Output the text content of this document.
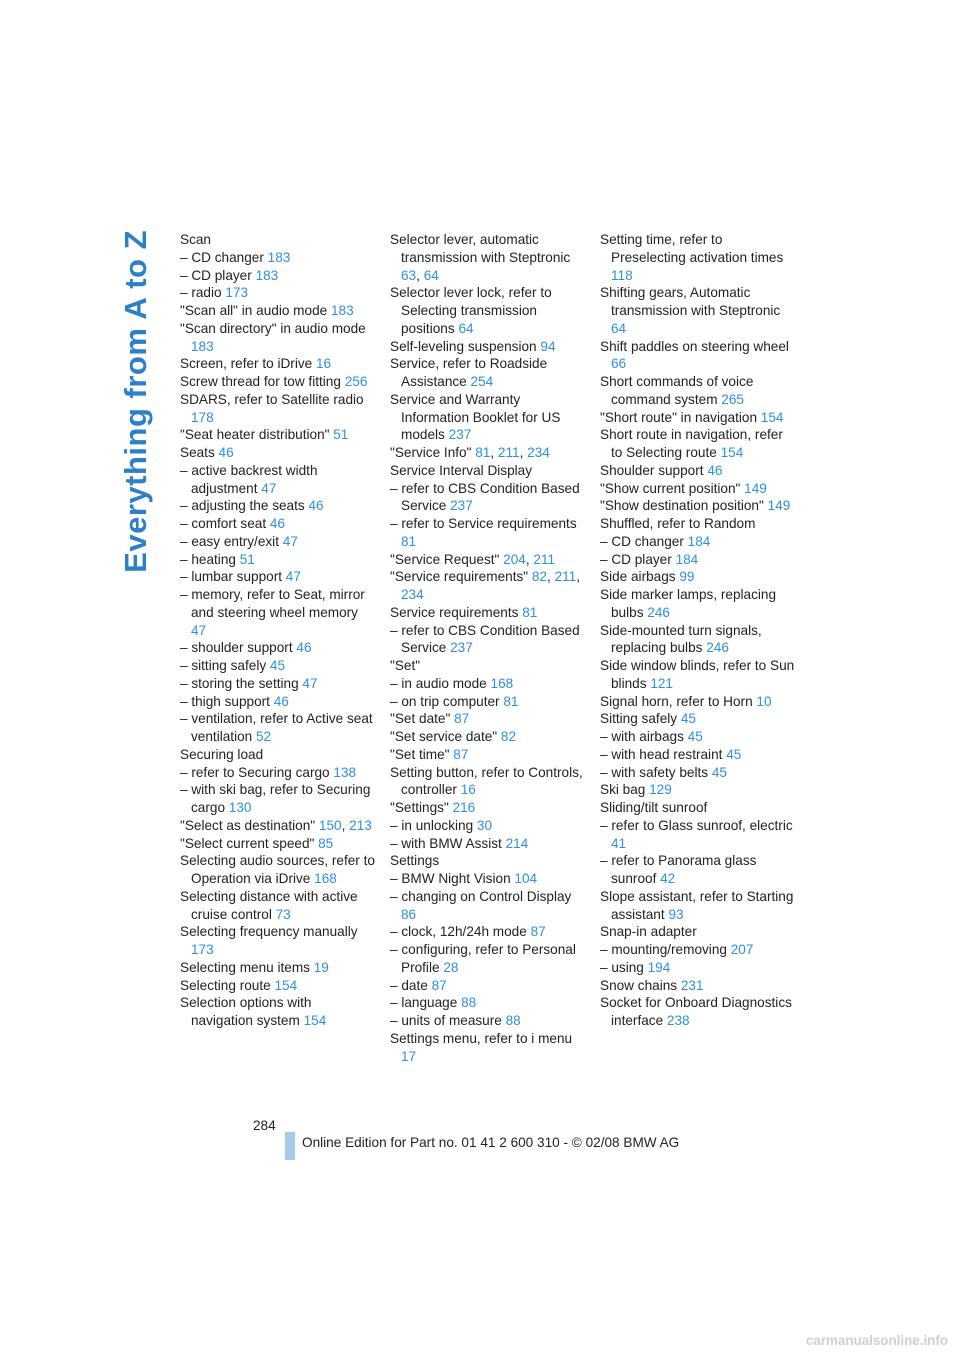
Everything from A to Z Scan

– CD changer 183

– CD player 183

– radio 173

"Scan all" in audio mode 183

"Scan directory" in audio mode 183

Screen, refer to iDrive 16

Screw thread for tow fitting 256

SDARS, refer to Satellite radio 178

"Seat heater distribution" 51

Seats 46

– active backrest width adjustment 47

– adjusting the seats 46

– comfort seat 46

– easy entry/exit 47

– heating 51

– lumbar support 47

– memory, refer to Seat, mirror and steering wheel memory 47

– shoulder support 46

– sitting safely 45

– storing the setting 47

– thigh support 46

– ventilation, refer to Active seat ventilation 52

Securing load

– refer to Securing cargo 138

– with ski bag, refer to Securing cargo 130

"Select as destination" 150, 213

"Select current speed" 85

Selecting audio sources, refer to Operation via iDrive 168

Selecting distance with active cruise control 73

Selecting frequency manually 173

Selecting menu items 19

Selecting route 154

Selection options with navigation system 154

Selector lever, automatic transmission with Steptronic 63, 64

Selector lever lock, refer to Selecting transmission positions 64

Self-leveling suspension 94

Service, refer to Roadside Assistance 254

Service and Warranty Information Booklet for US models 237

"Service Info" 81, 211, 234

Service Interval Display

– refer to CBS Condition Based Service 237

– refer to Service requirements 81

"Service Request" 204, 211

"Service requirements" 82, 211, 234

Service requirements 81

– refer to CBS Condition Based Service 237

"Set"

– in audio mode 168

– on trip computer 81

"Set date" 87

"Set service date" 82

"Set time" 87

Setting button, refer to Controls, controller 16

"Settings" 216

– in unlocking 30

– with BMW Assist 214

Settings

– BMW Night Vision 104

– changing on Control Display 86

– clock, 12h/24h mode 87

– configuring, refer to Personal Profile 28

– date 87

– language 88

– units of measure 88

Settings menu, refer to i menu 17

Setting time, refer to Preselecting activation times 118

Shifting gears, Automatic transmission with Steptronic 64

Shift paddles on steering wheel 66

Short commands of voice command system 265

"Short route" in navigation 154

Short route in navigation, refer to Selecting route 154

Shoulder support 46

"Show current position" 149

"Show destination position" 149

Shuffled, refer to Random

– CD changer 184

– CD player 184

Side airbags 99

Side marker lamps, replacing bulbs 246

Side-mounted turn signals, replacing bulbs 246

Side window blinds, refer to Sun blinds 121

Signal horn, refer to Horn 10

Sitting safely 45

– with airbags 45

– with head restraint 45

– with safety belts 45

Ski bag 129

Sliding/tilt sunroof

– refer to Glass sunroof, electric 41

– refer to Panorama glass sunroof 42

Slope assistant, refer to Starting assistant 93

Snap-in adapter

– mounting/removing 207

– using 194

Snow chains 231

Socket for Onboard Diagnostics interface 238

284
Online Edition for Part no. 01 41 2 600 310 - © 02/08 BMW AG
carmanualsonline.info
